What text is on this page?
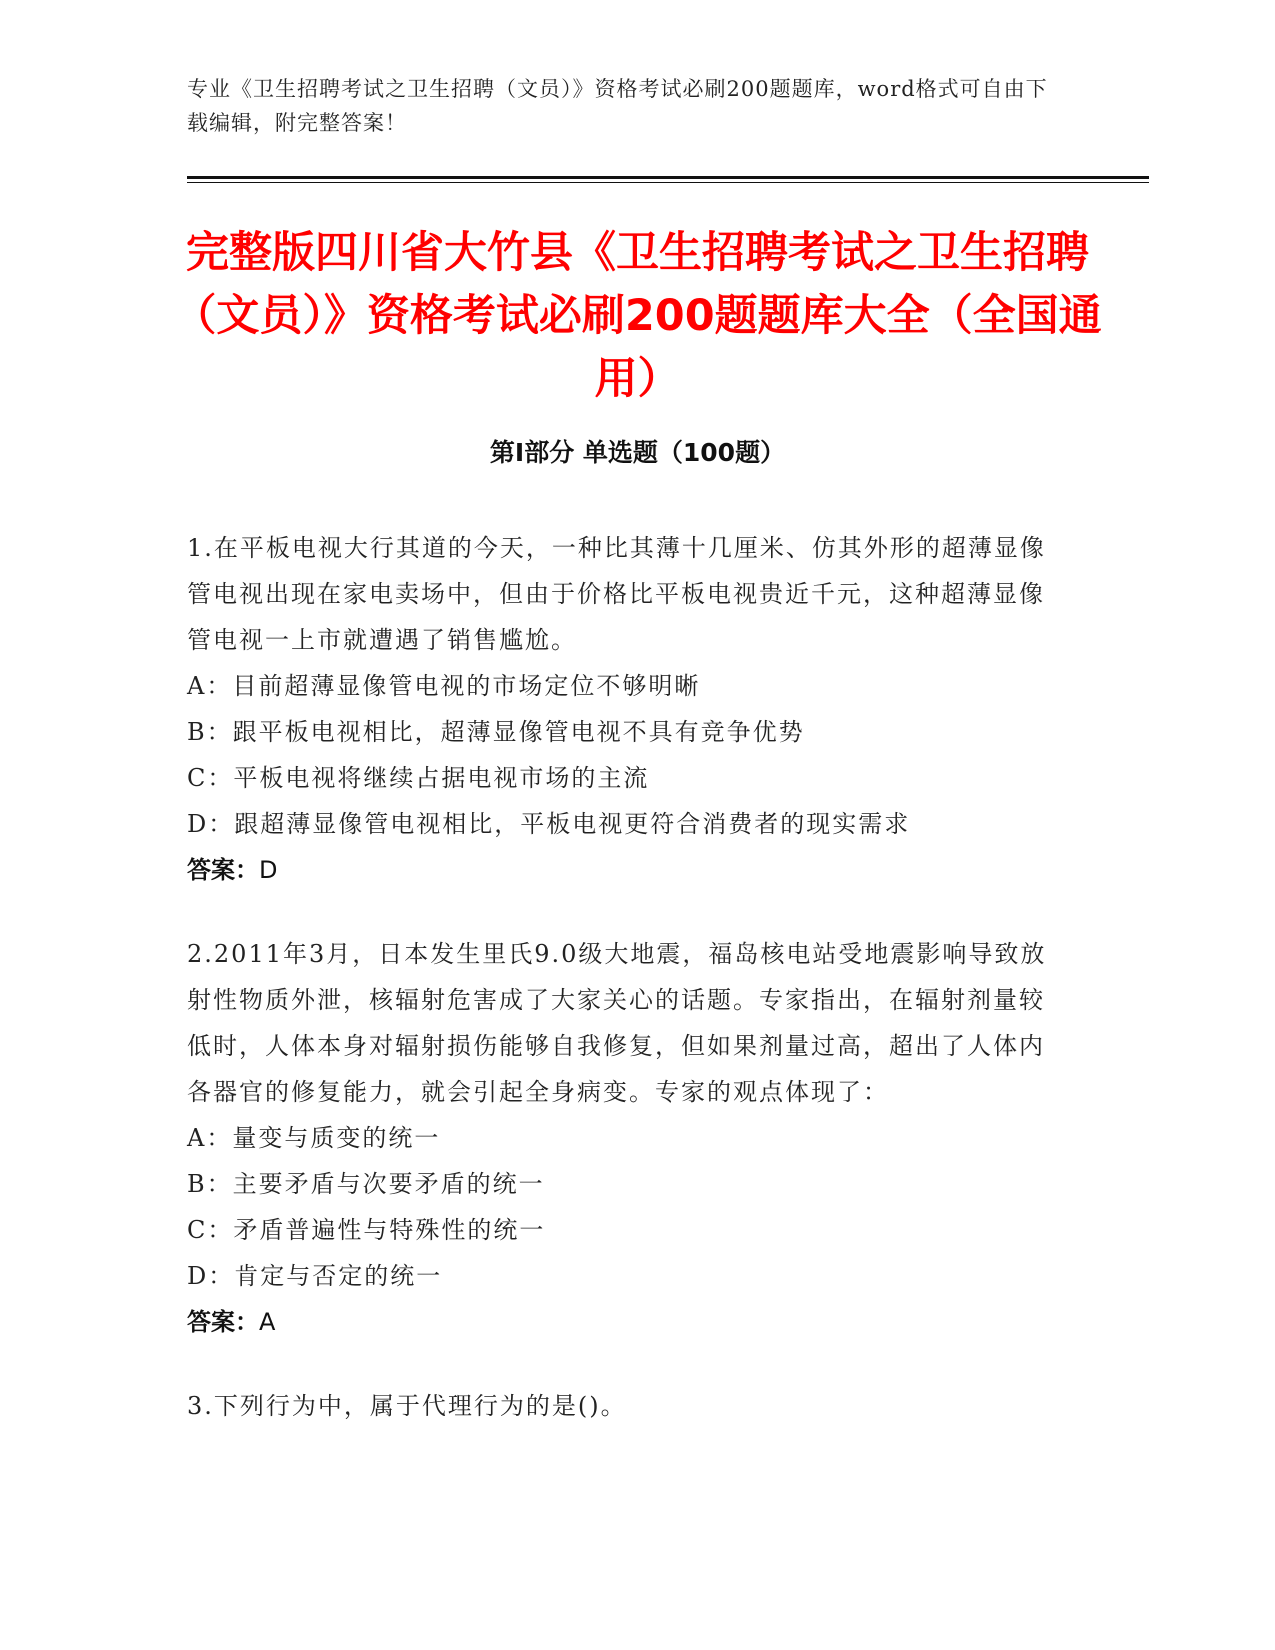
专业《卫生招聘考试之卫生招聘（文员）》资格考试必刷200题题库，word格式可自由下载编辑，附完整答案！
完整版四川省大竹县《卫生招聘考试之卫生招聘（文员）》资格考试必刷200题题库大全（全国通用）
第Ⅰ部分 单选题（100题）

1.在平板电视大行其道的今天，一种比其薄十几厘米、仿其外形的超薄显像管电视出现在家电卖场中，但由于价格比平板电视贵近千元，这种超薄显像管电视一上市就遭遇了销售尴尬。

A：目前超薄显像管电视的市场定位不够明晰

B：跟平板电视相比，超薄显像管电视不具有竞争优势

C：平板电视将继续占据电视市场的主流

D：跟超薄显像管电视相比，平板电视更符合消费者的现实需求

答案：D

2.2011年3月，日本发生里氏9.0级大地震，福岛核电站受地震影响导致放射性物质外泄，核辐射危害成了大家关心的话题。专家指出，在辐射剂量较低时，人体本身对辐射损伤能够自我修复，但如果剂量过高，超出了人体内各器官的修复能力，就会引起全身病变。专家的观点体现了：

A：量变与质变的统一

B：主要矛盾与次要矛盾的统一

C：矛盾普遍性与特殊性的统一

D：肯定与否定的统一

答案：A

3.下列行为中，属于代理行为的是()。
